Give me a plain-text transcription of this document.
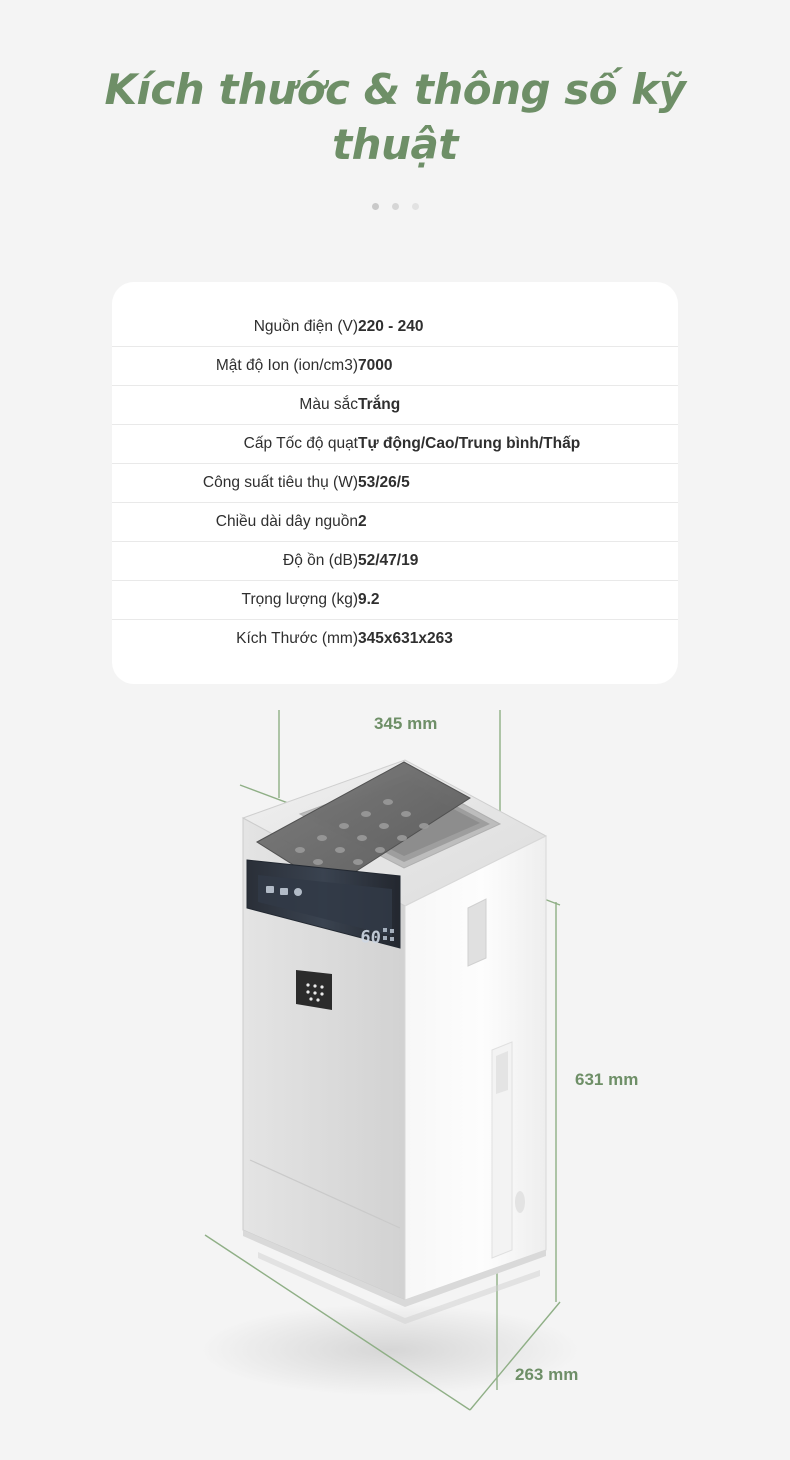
Kích thước & thông số kỹ thuật
Nguồn điện (V)	220 - 240
Mật độ Ion (ion/cm3)	7000
Màu sắc	Trắng
Cấp Tốc độ quạt	Tự động/Cao/Trung bình/Thấp
Công suất tiêu thụ (W)	53/26/5
Chiều dài dây nguồn	2
Độ ồn (dB)	52/47/19
Trọng lượng (kg)	9.2
Kích Thước (mm)	345x631x263
60
345 mm
631 mm
263 mm
